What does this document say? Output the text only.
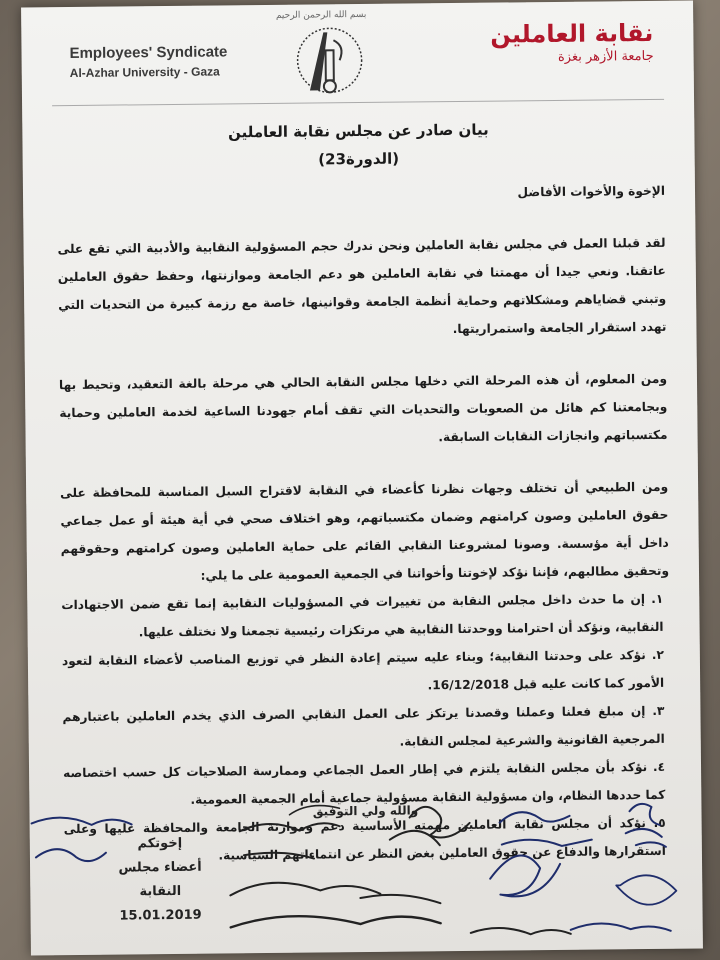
بسم الله الرحمن الرحيم
Employees' Syndicate
Al-Azhar University - Gaza
نقابة العاملين
جامعة الأزهر بغزة
بيان صادر عن مجلس نقابة العاملين
(الدورة23)

الإخوة والأخوات الأفاضل

لقد قبلنا العمل في مجلس نقابة العاملين ونحن ندرك حجم المسؤولية النقابية والأدبية التي تقع على عاتقنا. ونعي جيدا أن مهمتنا في نقابة العاملين هو دعم الجامعة وموازنتها، وحفظ حقوق العاملين وتبني قضاياهم ومشكلاتهم وحماية أنظمة الجامعة وقوانينها، خاصة مع رزمة كبيرة من التحديات التي تهدد استقرار الجامعة واستمراريتها.

ومن المعلوم، أن هذه المرحلة التي دخلها مجلس النقابة الحالي هي مرحلة بالغة التعقيد، وتحيط بها وبجامعتنا كم هائل من الصعوبات والتحديات التي تقف أمام جهودنا الساعية لخدمة العاملين وحماية مكتسباتهم وانجازات النقابات السابقة.

ومن الطبيعي أن تختلف وجهات نظرنا كأعضاء في النقابة لاقتراح السبل المناسبة للمحافظة على حقوق العاملين وصون كرامتهم وضمان مكتسباتهم، وهو اختلاف صحي في أية هيئة أو عمل جماعي داخل أية مؤسسة. وصونا لمشروعنا النقابي القائم على حماية العاملين وصون كرامتهم وحقوقهم وتحقيق مطالبهم، فإننا نؤكد لإخوتنا وأخواتنا في الجمعية العمومية على ما يلي:

١. إن ما حدث داخل مجلس النقابة من تغييرات في المسؤوليات النقابية إنما تقع ضمن الاجتهادات النقابية، ونؤكد أن احترامنا ووحدتنا النقابية هي مرتكزات رئيسية تجمعنا ولا نختلف عليها.

٢. نؤكد على وحدتنا النقابية؛ وبناء عليه سيتم إعادة النظر في توزيع المناصب لأعضاء النقابة لتعود الأمور كما كانت عليه قبل 16/12/2018.

٣. إن مبلغ فعلنا وعملنا وقصدنا يرتكز على العمل النقابي الصرف الذي يخدم العاملين باعتبارهم المرجعية القانونية والشرعية لمجلس النقابة.

٤. نؤكد بأن مجلس النقابة يلتزم في إطار العمل الجماعي وممارسة الصلاحيات كل حسب اختصاصه كما حددها النظام، وان مسؤولية النقابة مسؤولية جماعية أمام الجمعية العمومية.

٥. نؤكد أن مجلس نقابة العاملين مهمته الأساسية دعم وموازنة الجامعة والمحافظة عليها وعلى استقرارها والدفاع عن حقوق العاملين بغض النظر عن انتماءاتهم السياسية.

والله ولي التوفيق
إخوتكم
أعضاء مجلس النقابة
15.01.2019
